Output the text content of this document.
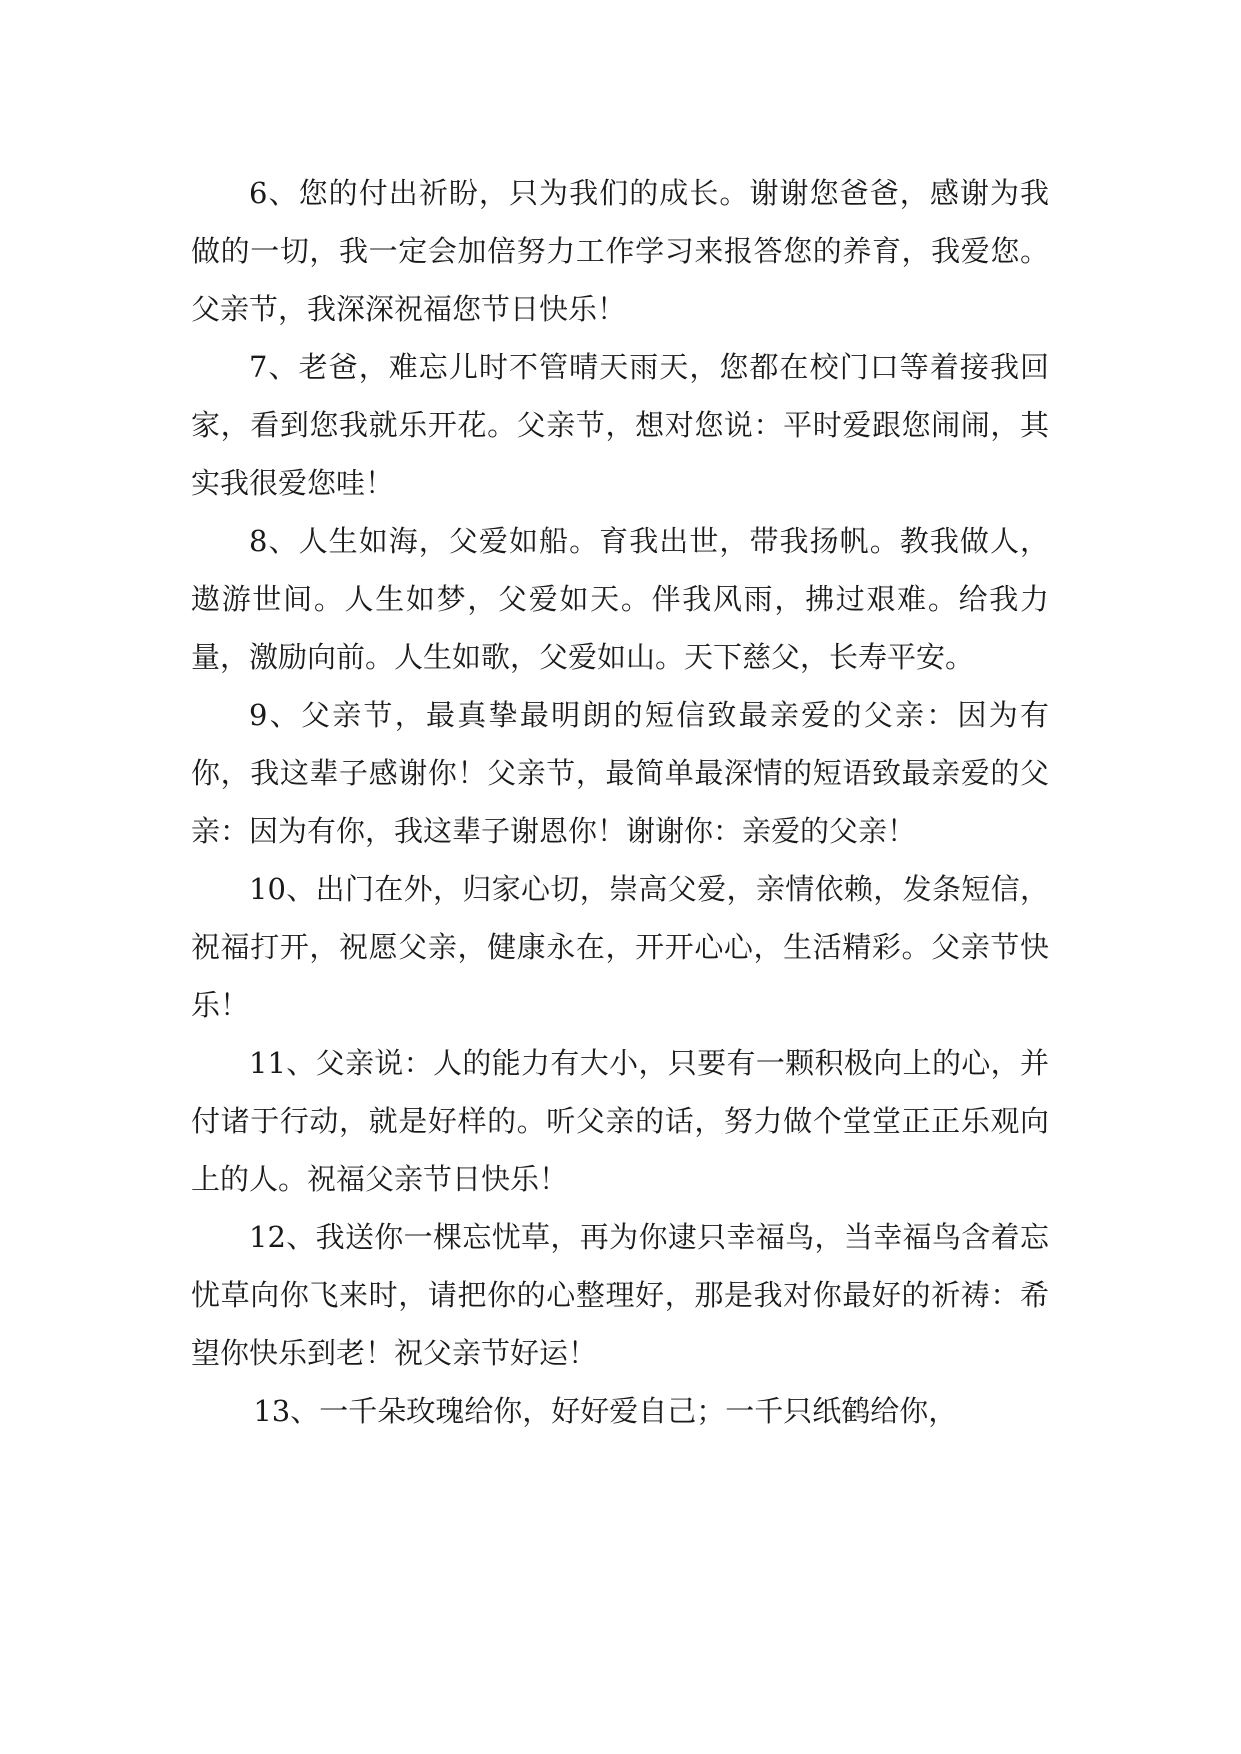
6、您的付出祈盼，只为我们的成长。谢谢您爸爸，感谢为我做的一切，我一定会加倍努力工作学习来报答您的养育，我爱您。父亲节，我深深祝福您节日快乐！

7、老爸，难忘儿时不管晴天雨天，您都在校门口等着接我回家，看到您我就乐开花。父亲节，想对您说：平时爱跟您闹闹，其实我很爱您哇！

8、人生如海，父爱如船。育我出世，带我扬帆。教我做人，遨游世间。人生如梦，父爱如天。伴我风雨，拂过艰难。给我力量，激励向前。人生如歌，父爱如山。天下慈父，长寿平安。

9、父亲节，最真挚最明朗的短信致最亲爱的父亲：因为有你，我这辈子感谢你！父亲节，最简单最深情的短语致最亲爱的父亲：因为有你，我这辈子谢恩你！谢谢你：亲爱的父亲！

10、出门在外，归家心切，崇高父爱，亲情依赖，发条短信，祝福打开，祝愿父亲，健康永在，开开心心，生活精彩。父亲节快乐！

11、父亲说：人的能力有大小，只要有一颗积极向上的心，并付诸于行动，就是好样的。听父亲的话，努力做个堂堂正正乐观向上的人。祝福父亲节日快乐！

12、我送你一棵忘忧草，再为你逮只幸福鸟，当幸福鸟含着忘忧草向你飞来时，请把你的心整理好，那是我对你最好的祈祷：希望你快乐到老！祝父亲节好运！

13、一千朵玫瑰给你，好好爱自己；一千只纸鹤给你，
